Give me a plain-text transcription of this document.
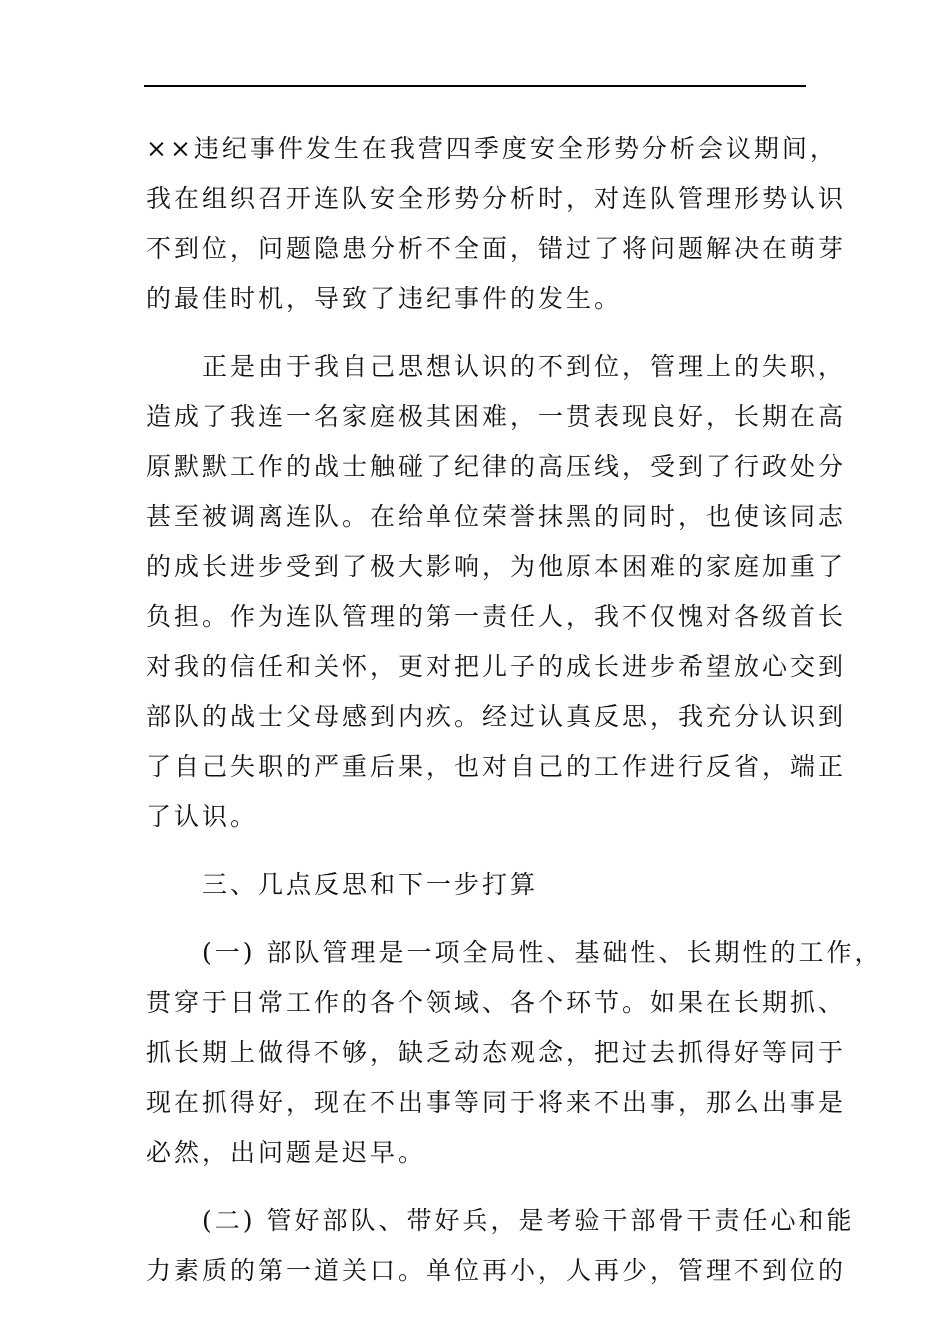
××违纪事件发生在我营四季度安全形势分析会议期间，
我在组织召开连队安全形势分析时，对连队管理形势认识
不到位，问题隐患分析不全面，错过了将问题解决在萌芽
的最佳时机，导致了违纪事件的发生。
正是由于我自己思想认识的不到位，管理上的失职，
造成了我连一名家庭极其困难，一贯表现良好，长期在高
原默默工作的战士触碰了纪律的高压线，受到了行政处分
甚至被调离连队。在给单位荣誉抹黑的同时，也使该同志
的成长进步受到了极大影响，为他原本困难的家庭加重了
负担。作为连队管理的第一责任人，我不仅愧对各级首长
对我的信任和关怀，更对把儿子的成长进步希望放心交到
部队的战士父母感到内疚。经过认真反思，我充分认识到
了自己失职的严重后果，也对自己的工作进行反省，端正
了认识。
三、几点反思和下一步打算
(一) 部队管理是一项全局性、基础性、长期性的工作，
贯穿于日常工作的各个领域、各个环节。如果在长期抓、
抓长期上做得不够，缺乏动态观念，把过去抓得好等同于
现在抓得好，现在不出事等同于将来不出事，那么出事是
必然，出问题是迟早。
(二) 管好部队、带好兵，是考验干部骨干责任心和能
力素质的第一道关口。单位再小，人再少，管理不到位的
